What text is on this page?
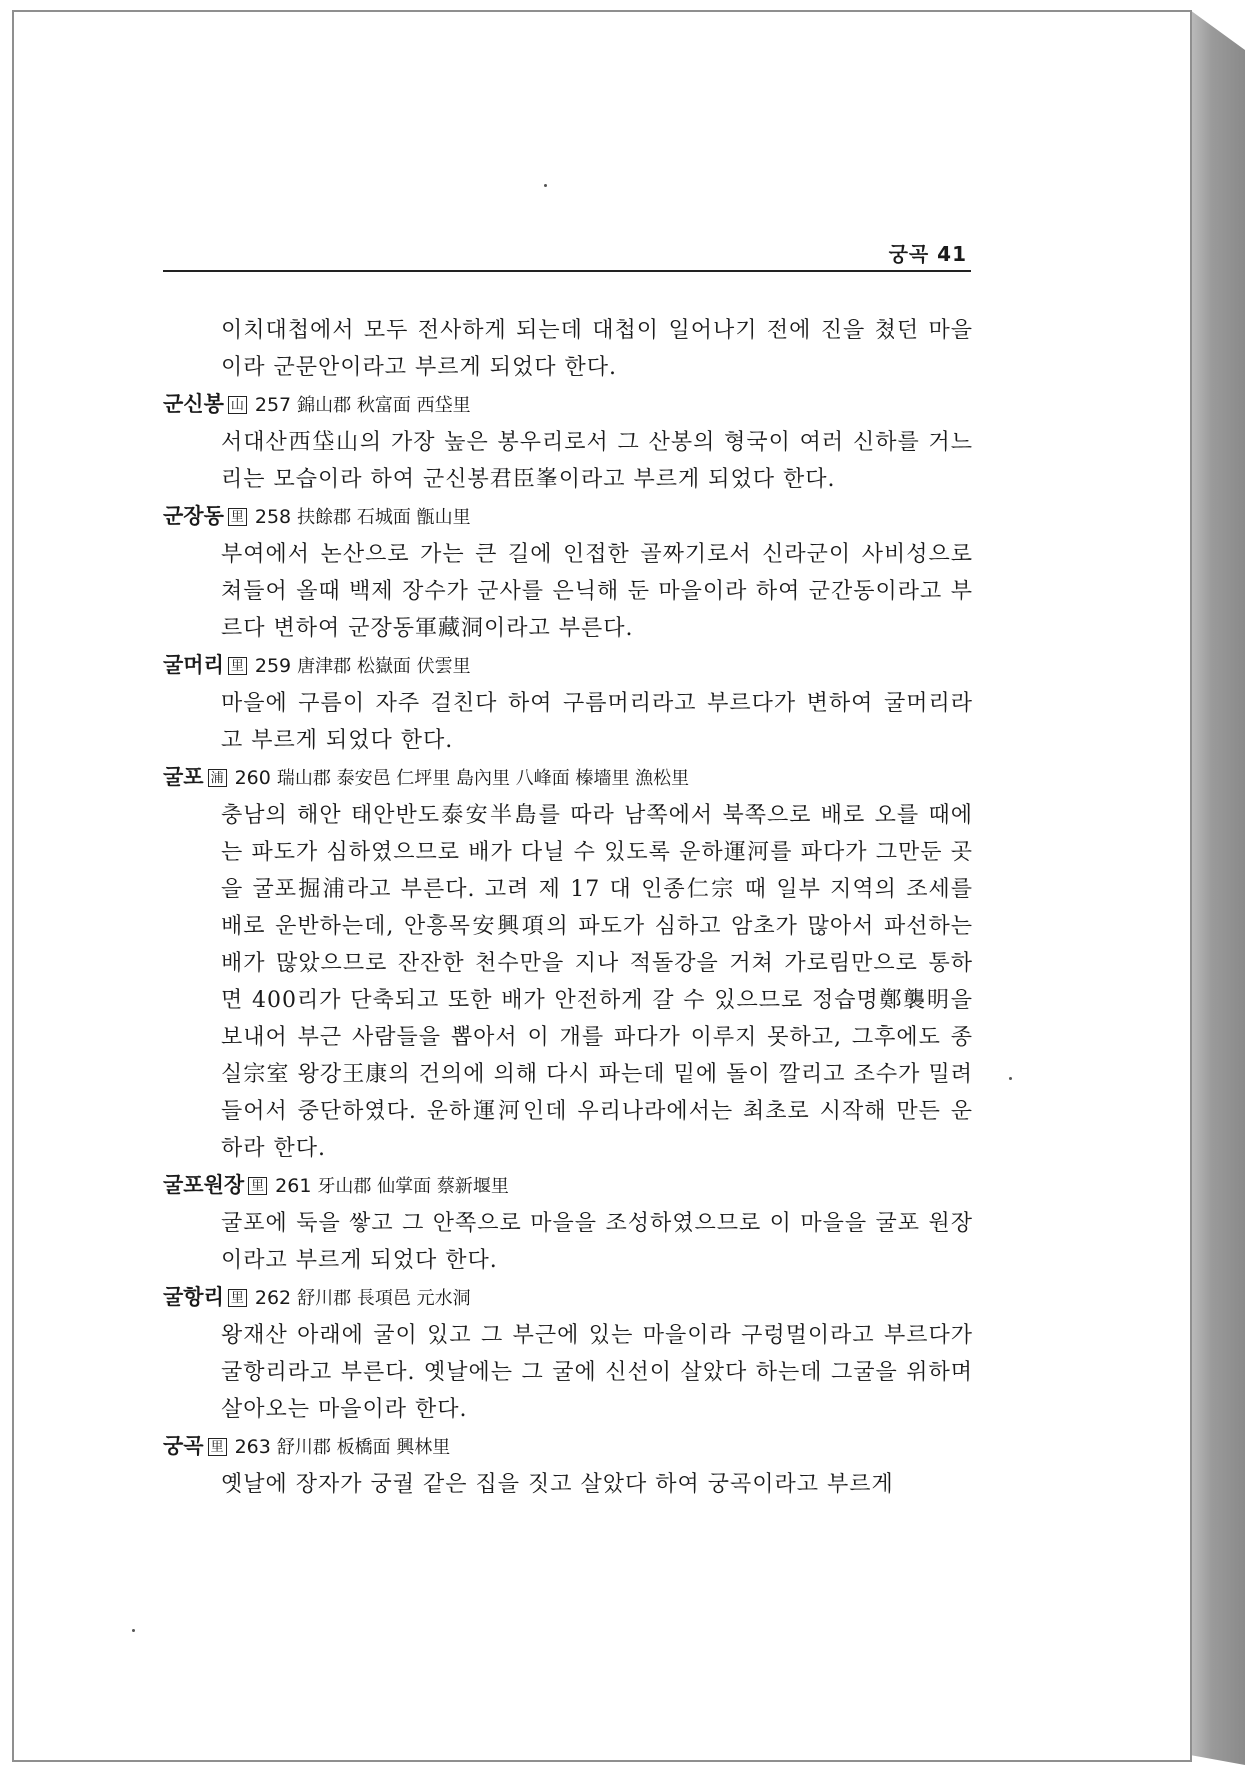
궁곡 41
이치대첩에서 모두 전사하게 되는데 대첩이 일어나기 전에 진을 쳤던 마을이라 군문안이라고 부르게 되었다 한다.
군신봉 山 257 錦山郡 秋富面 西垈里
서대산西垈山의 가장 높은 봉우리로서 그 산봉의 형국이 여러 신하를 거느리는 모습이라 하여 군신봉君臣峯이라고 부르게 되었다 한다.
군장동 里 258 扶餘郡 石城面 甑山里
부여에서 논산으로 가는 큰 길에 인접한 골짜기로서 신라군이 사비성으로 쳐들어 올때 백제 장수가 군사를 은닉해 둔 마을이라 하여 군간동이라고 부르다 변하여 군장동軍藏洞이라고 부른다.
굴머리 里 259 唐津郡 松嶽面 伏雲里
마을에 구름이 자주 걸친다 하여 구름머리라고 부르다가 변하여 굴머리라고 부르게 되었다 한다.
굴포 浦 260 瑞山郡 泰安邑 仁坪里 島內里 八峰面 榛墻里 漁松里
충남의 해안 태안반도泰安半島를 따라 남쪽에서 북쪽으로 배로 오를 때에는 파도가 심하였으므로 배가 다닐 수 있도록 운하運河를 파다가 그만둔 곳을 굴포掘浦라고 부른다. 고려 제 17 대 인종仁宗 때 일부 지역의 조세를 배로 운반하는데, 안흥목安興項의 파도가 심하고 암초가 많아서 파선하는 배가 많았으므로 잔잔한 천수만을 지나 적돌강을 거쳐 가로림만으로 통하면 400리가 단축되고 또한 배가 안전하게 갈 수 있으므로 정습명鄭襲明을 보내어 부근 사람들을 뽑아서 이 개를 파다가 이루지 못하고, 그후에도 종실宗室 왕강王康의 건의에 의해 다시 파는데 밑에 돌이 깔리고 조수가 밀려 들어서 중단하였다. 운하運河인데 우리나라에서는 최초로 시작해 만든 운하라 한다.
굴포원장 里 261 牙山郡 仙掌面 蔡新堰里
굴포에 둑을 쌓고 그 안쪽으로 마을을 조성하였으므로 이 마을을 굴포 원장이라고 부르게 되었다 한다.
굴항리 里 262 舒川郡 長項邑 元水洞
왕재산 아래에 굴이 있고 그 부근에 있는 마을이라 구렁멀이라고 부르다가 굴항리라고 부른다. 옛날에는 그 굴에 신선이 살았다 하는데 그굴을 위하며 살아오는 마을이라 한다.
궁곡 里 263 舒川郡 板橋面 興林里
옛날에 장자가 궁궐 같은 집을 짓고 살았다 하여 궁곡이라고 부르게
